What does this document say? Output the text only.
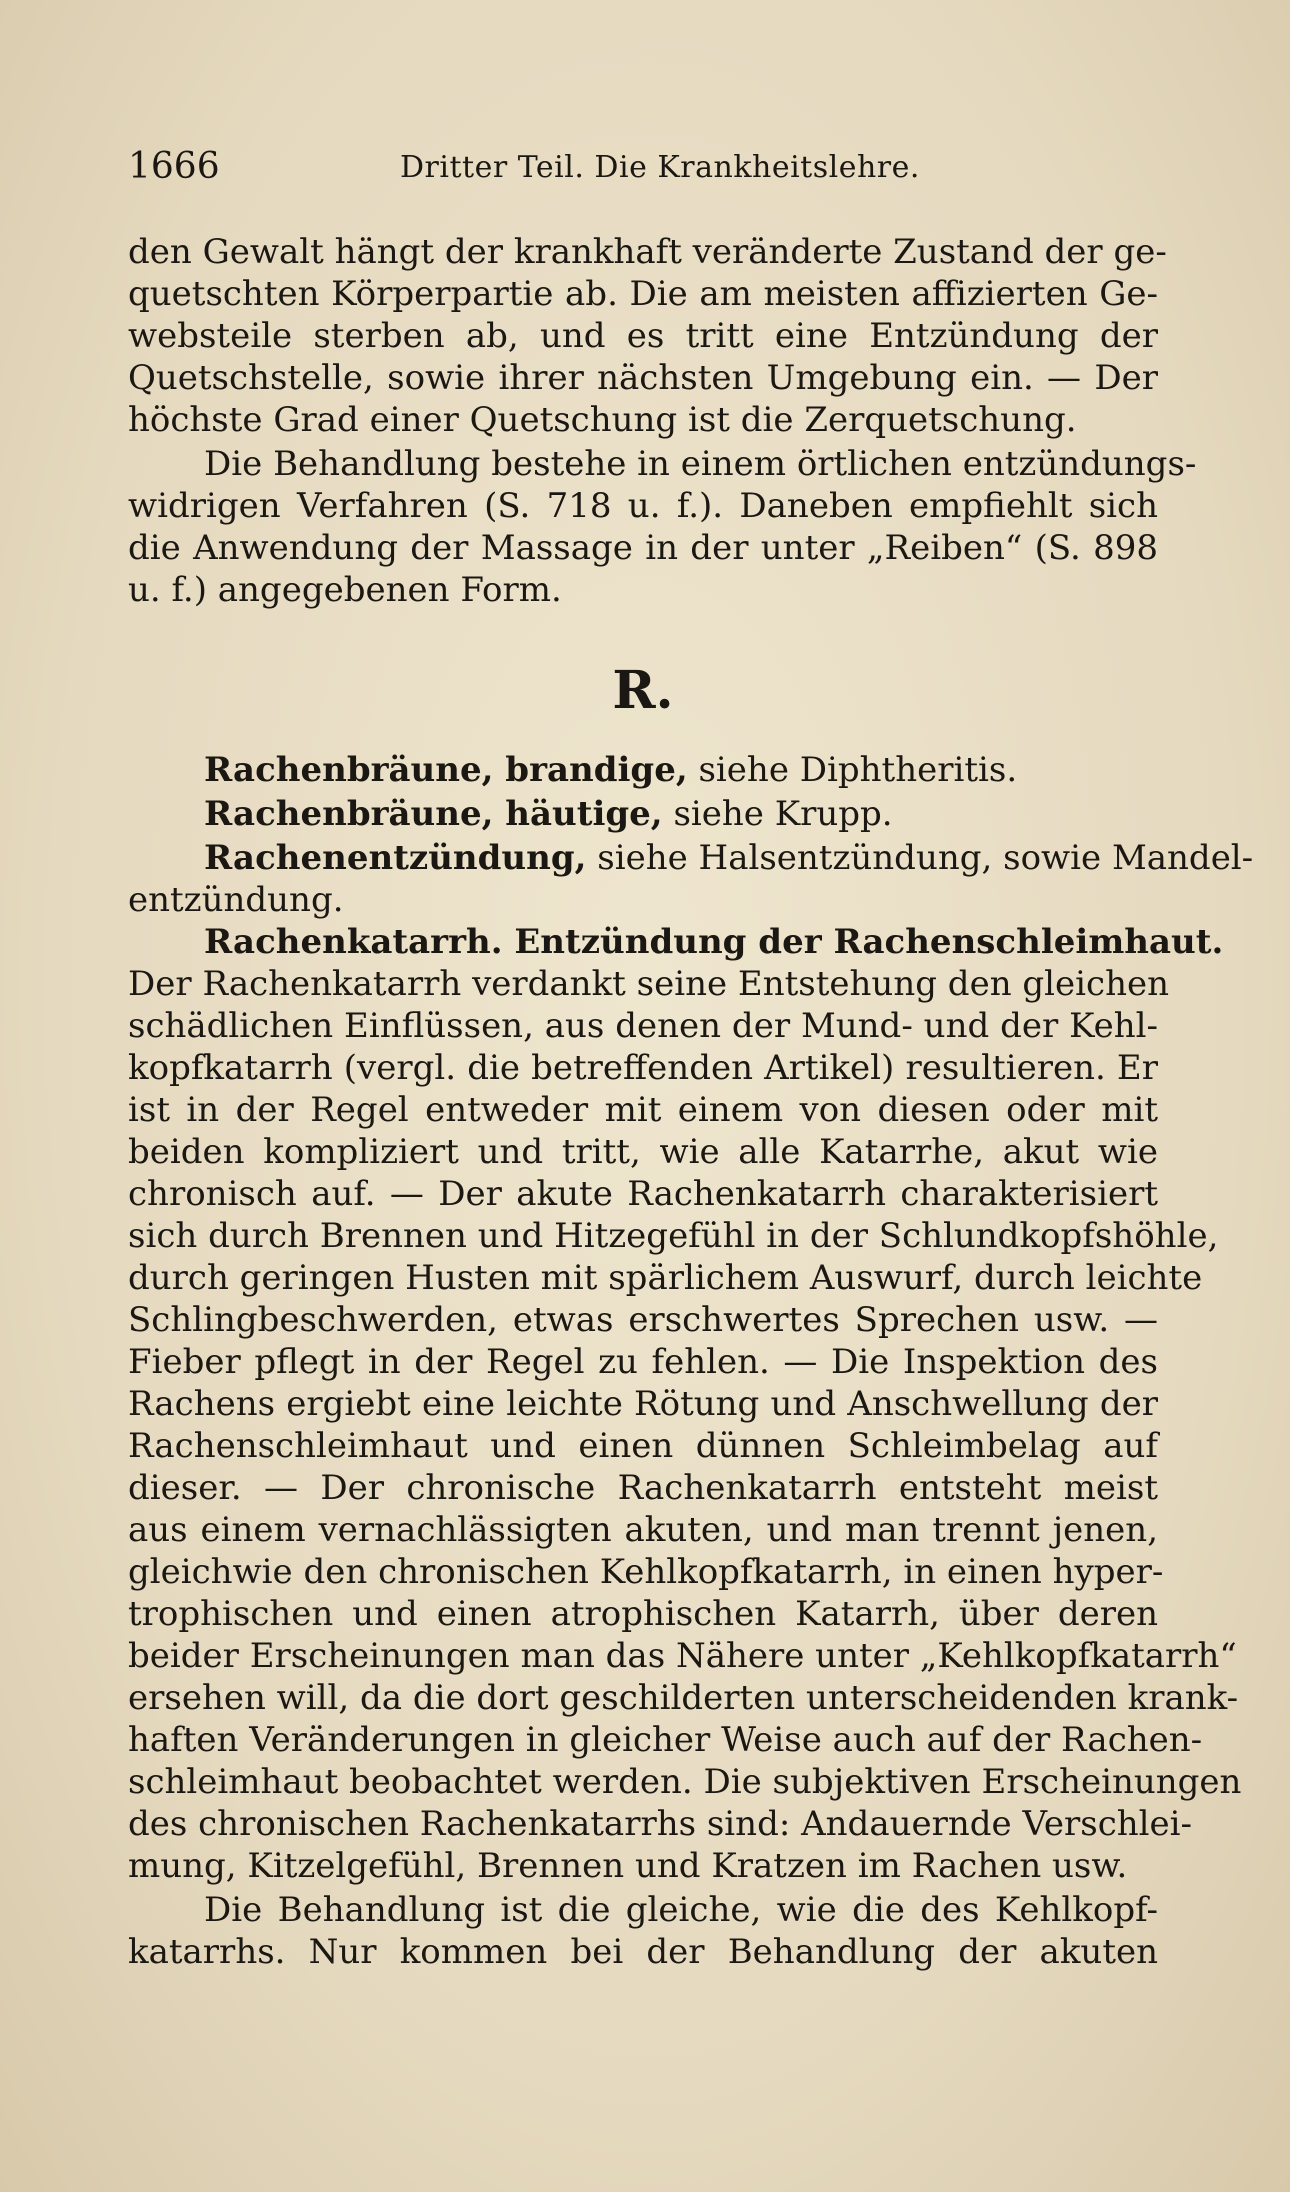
1666	Dritter Teil. Die Krankheitslehre.
den Gewalt hängt der krankhaft veränderte Zustand der ge-
quetschten Körperpartie ab. Die am meisten affizierten Ge-
websteile sterben ab, und es tritt eine Entzündung der
Quetschstelle, sowie ihrer nächsten Umgebung ein. — Der
höchste Grad einer Quetschung ist die Zerquetschung.
Die Behandlung bestehe in einem örtlichen entzündungs-
widrigen Verfahren (S. 718 u. f.). Daneben empfiehlt sich
die Anwendung der Massage in der unter „Reiben“ (S. 898
u. f.) angegebenen Form.
R.
Rachenbräune, brandige, siehe Diphtheritis.
Rachenbräune, häutige, siehe Krupp.
Rachenentzündung, siehe Halsentzündung, sowie Mandel-
entzündung.
Rachenkatarrh. Entzündung der Rachenschleimhaut.
Der Rachenkatarrh verdankt seine Entstehung den gleichen
schädlichen Einflüssen, aus denen der Mund- und der Kehl-
kopfkatarrh (vergl. die betreffenden Artikel) resultieren. Er
ist in der Regel entweder mit einem von diesen oder mit
beiden kompliziert und tritt, wie alle Katarrhe, akut wie
chronisch auf. — Der akute Rachenkatarrh charakterisiert
sich durch Brennen und Hitzegefühl in der Schlundkopfshöhle,
durch geringen Husten mit spärlichem Auswurf, durch leichte
Schlingbeschwerden, etwas erschwertes Sprechen usw. —
Fieber pflegt in der Regel zu fehlen. — Die Inspektion des
Rachens ergiebt eine leichte Rötung und Anschwellung der
Rachenschleimhaut und einen dünnen Schleimbelag auf
dieser. — Der chronische Rachenkatarrh entsteht meist
aus einem vernachlässigten akuten, und man trennt jenen,
gleichwie den chronischen Kehlkopfkatarrh, in einen hyper-
trophischen und einen atrophischen Katarrh, über deren
beider Erscheinungen man das Nähere unter „Kehlkopfkatarrh“
ersehen will, da die dort geschilderten unterscheidenden krank-
haften Veränderungen in gleicher Weise auch auf der Rachen-
schleimhaut beobachtet werden. Die subjektiven Erscheinungen
des chronischen Rachenkatarrhs sind: Andauernde Verschlei-
mung, Kitzelgefühl, Brennen und Kratzen im Rachen usw.
Die Behandlung ist die gleiche, wie die des Kehlkopf-
katarrhs. Nur kommen bei der Behandlung der akuten
